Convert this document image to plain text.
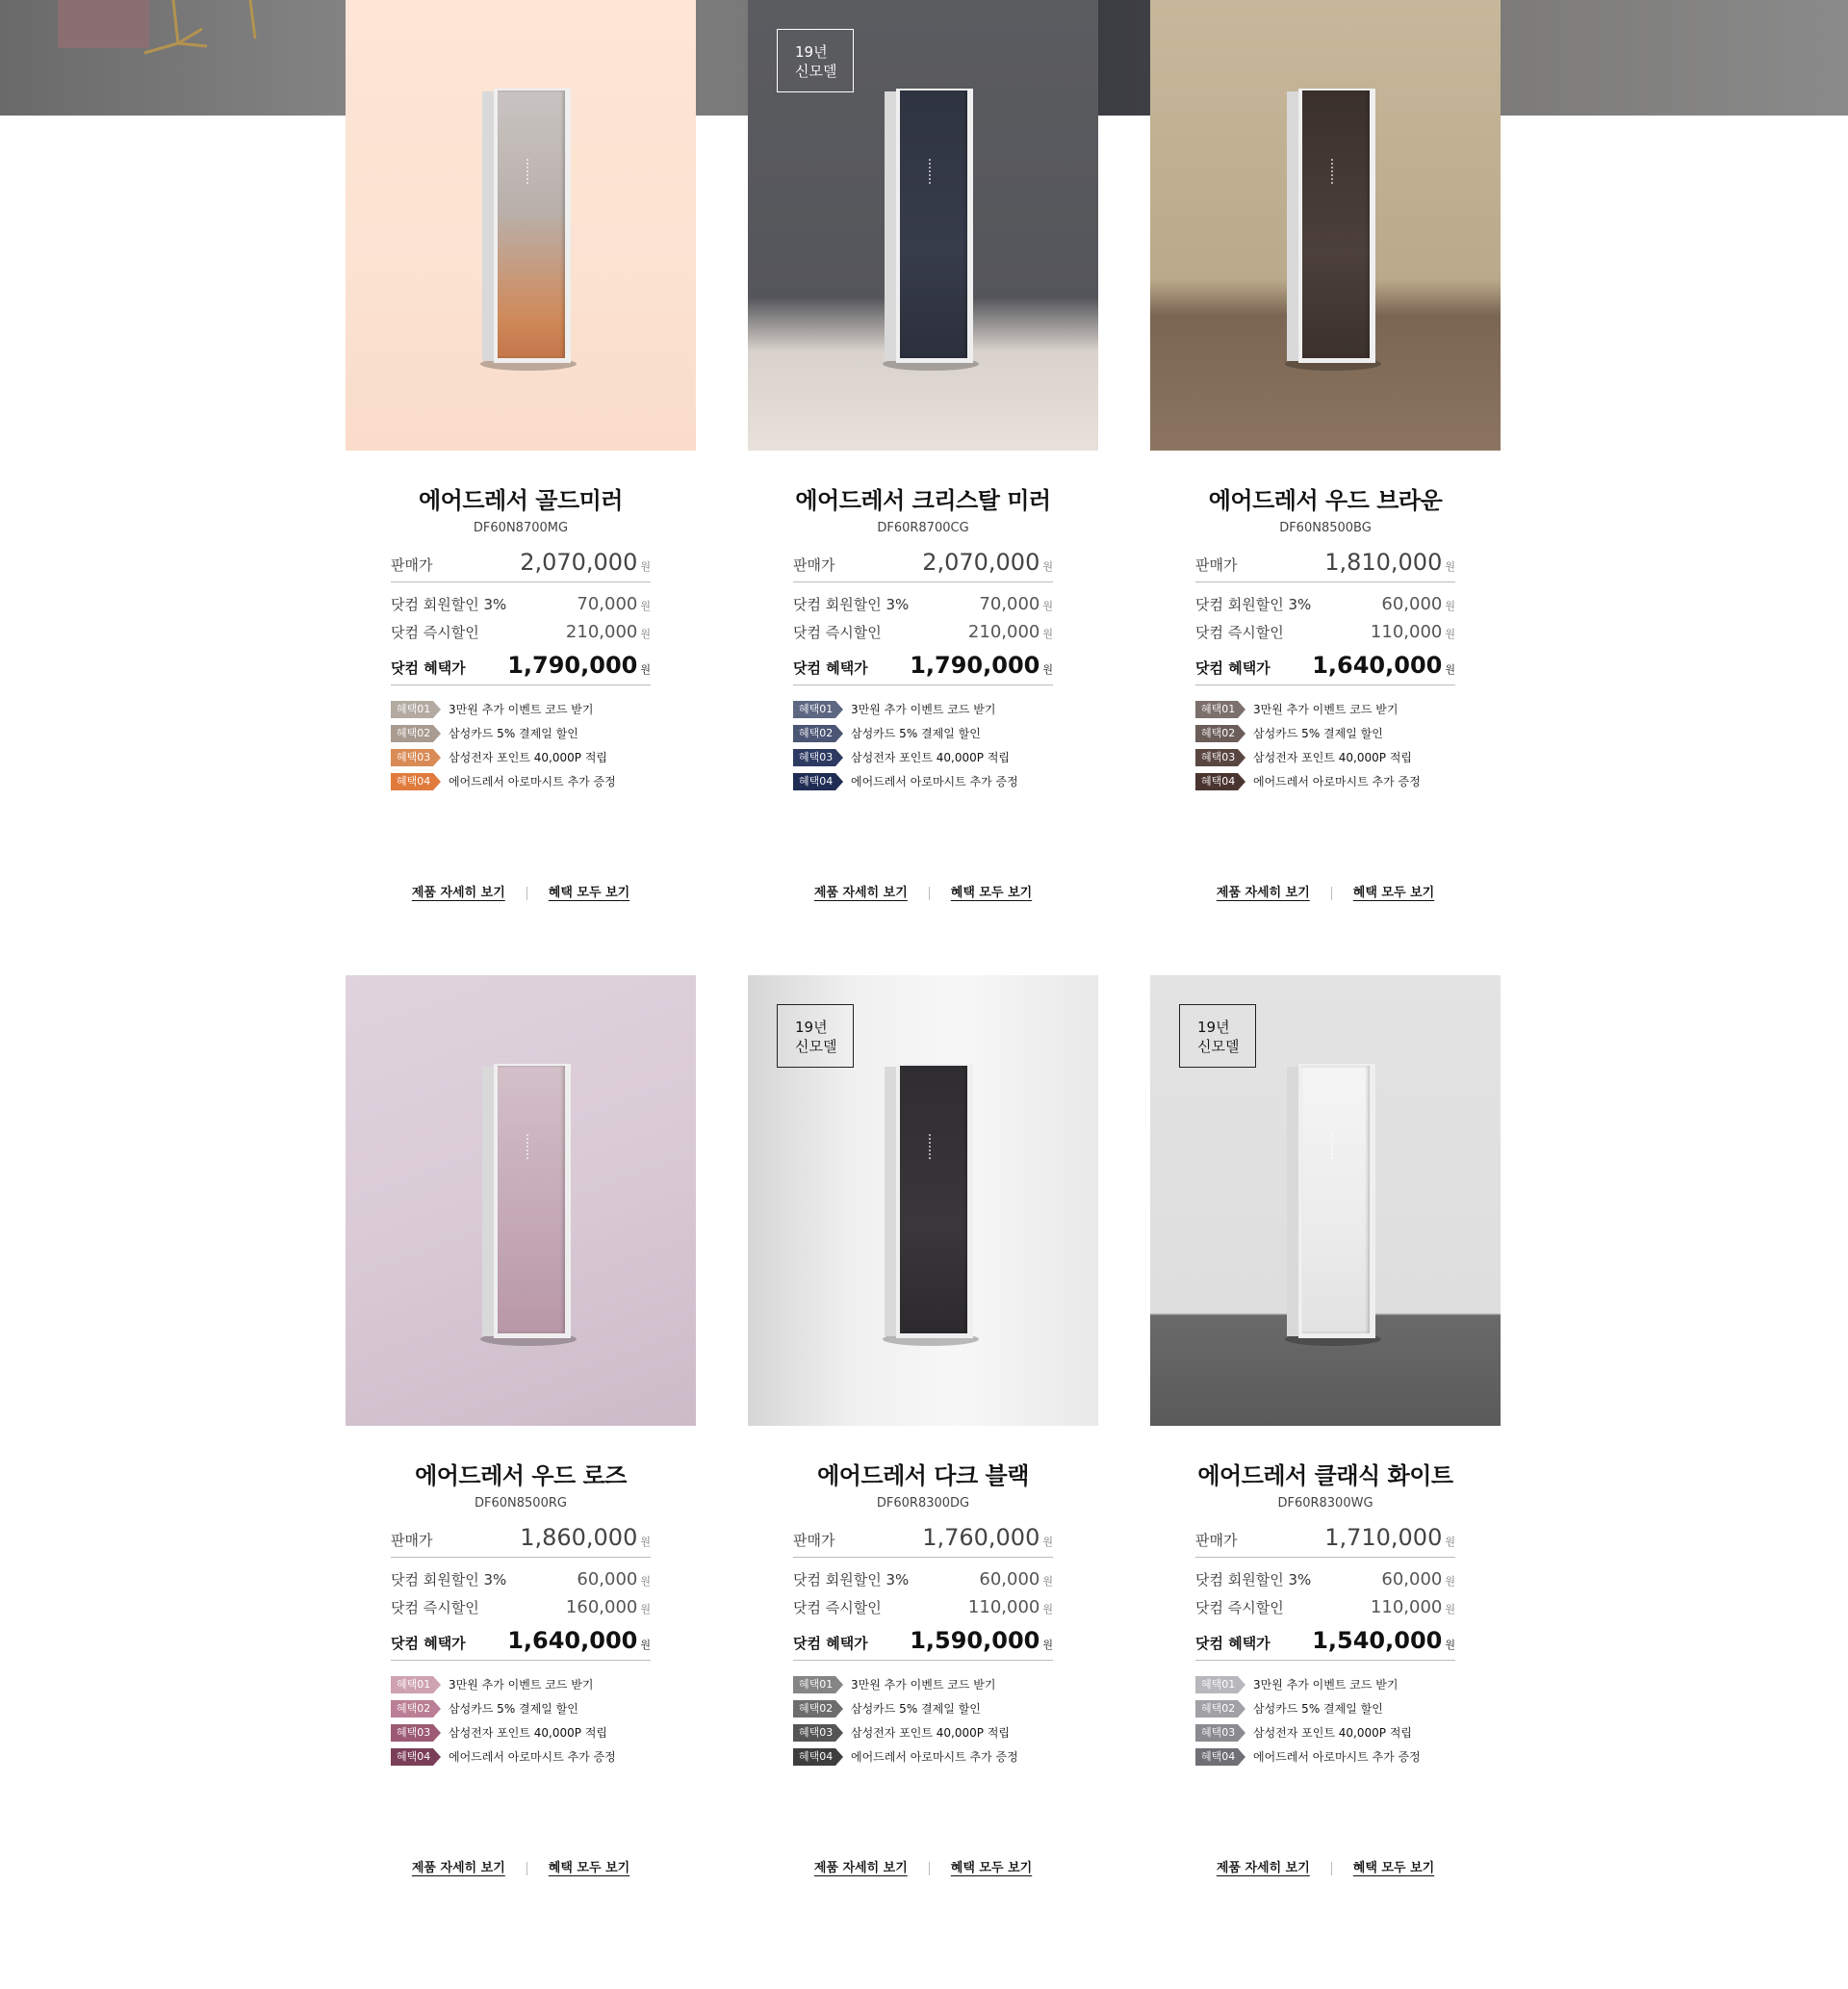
에어드레서 골드미러
DF60N8700MG
판매가	2,070,000 원
닷컴 회원할인 3%	70,000 원
닷컴 즉시할인	210,000 원
닷컴 혜택가 1,790,000 원
혜택01 3만원 추가 이벤트 코드 받기
혜택02 삼성카드 5% 결제일 할인
혜택03 삼성전자 포인트 40,000P 적립
혜택04 에어드레서 아로마시트 추가 증정
제품 자세히 보기	혜택 모두 보기
19년
신모델
에어드레서 크리스탈 미러
DF60R8700CG
판매가	2,070,000 원
닷컴 회원할인 3%	70,000 원
닷컴 즉시할인	210,000 원
닷컴 혜택가 1,790,000 원
혜택01 3만원 추가 이벤트 코드 받기
혜택02 삼성카드 5% 결제일 할인
혜택03 삼성전자 포인트 40,000P 적립
혜택04 에어드레서 아로마시트 추가 증정
제품 자세히 보기	혜택 모두 보기
에어드레서 우드 브라운
DF60N8500BG
판매가	1,810,000 원
닷컴 회원할인 3%	60,000 원
닷컴 즉시할인	110,000 원
닷컴 혜택가 1,640,000 원
혜택01 3만원 추가 이벤트 코드 받기
혜택02 삼성카드 5% 결제일 할인
혜택03 삼성전자 포인트 40,000P 적립
혜택04 에어드레서 아로마시트 추가 증정
제품 자세히 보기	혜택 모두 보기
에어드레서 우드 로즈
DF60N8500RG
판매가	1,860,000 원
닷컴 회원할인 3%	60,000 원
닷컴 즉시할인	160,000 원
닷컴 혜택가 1,640,000 원
혜택01 3만원 추가 이벤트 코드 받기
혜택02 삼성카드 5% 결제일 할인
혜택03 삼성전자 포인트 40,000P 적립
혜택04 에어드레서 아로마시트 추가 증정
제품 자세히 보기	혜택 모두 보기
19년
신모델
에어드레서 다크 블랙
DF60R8300DG
판매가	1,760,000 원
닷컴 회원할인 3%	60,000 원
닷컴 즉시할인	110,000 원
닷컴 혜택가 1,590,000 원
혜택01 3만원 추가 이벤트 코드 받기
혜택02 삼성카드 5% 결제일 할인
혜택03 삼성전자 포인트 40,000P 적립
혜택04 에어드레서 아로마시트 추가 증정
제품 자세히 보기	혜택 모두 보기
19년
신모델
에어드레서 클래식 화이트
DF60R8300WG
판매가	1,710,000 원
닷컴 회원할인 3%	60,000 원
닷컴 즉시할인	110,000 원
닷컴 혜택가 1,540,000 원
혜택01 3만원 추가 이벤트 코드 받기
혜택02 삼성카드 5% 결제일 할인
혜택03 삼성전자 포인트 40,000P 적립
혜택04 에어드레서 아로마시트 추가 증정
제품 자세히 보기	혜택 모두 보기
